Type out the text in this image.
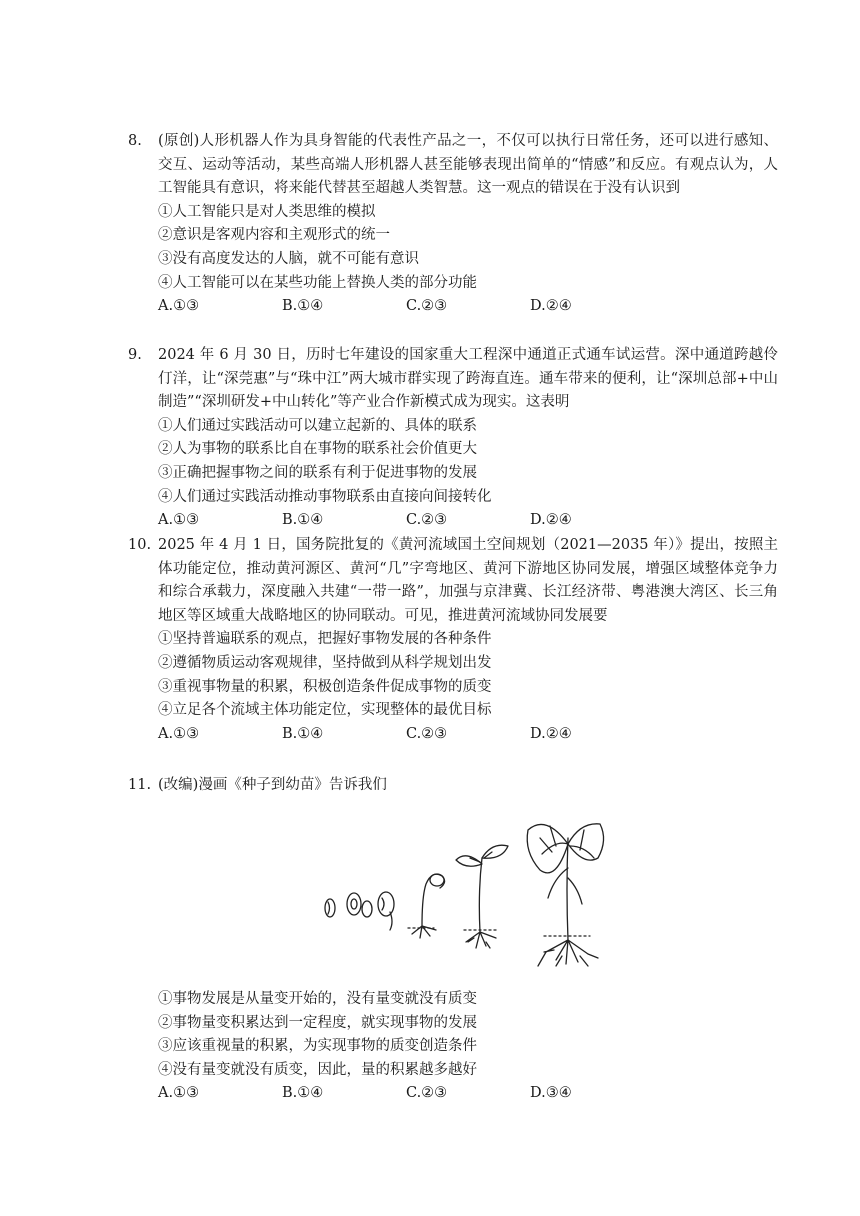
8.	(原创)人形机器人作为具身智能的代表性产品之一，不仅可以执行日常任务，还可以进行感知、交互、运动等活动，某些高端人形机器人甚至能够表现出简单的“情感”和反应。有观点认为，人工智能具有意识，将来能代替甚至超越人类智慧。这一观点的错误在于没有认识到
①人工智能只是对人类思维的模拟
②意识是客观内容和主观形式的统一
③没有高度发达的人脑，就不可能有意识
④人工智能可以在某些功能上替换人类的部分功能
A.①③	B.①④	C.②③	D.②④
9.	2024 年 6 月 30 日，历时七年建设的国家重大工程深中通道正式通车试运营。深中通道跨越伶仃洋，让“深莞惠”与“珠中江”两大城市群实现了跨海直连。通车带来的便利，让“深圳总部+中山制造”“深圳研发+中山转化”等产业合作新模式成为现实。这表明
①人们通过实践活动可以建立起新的、具体的联系
②人为事物的联系比自在事物的联系社会价值更大
③正确把握事物之间的联系有利于促进事物的发展
④人们通过实践活动推动事物联系由直接向间接转化
A.①③	B.①④	C.②③	D.②④
10. 2025 年 4 月 1 日，国务院批复的《黄河流域国土空间规划（2021—2035 年）》提出，按照主体功能定位，推动黄河源区、黄河“几”字弯地区、黄河下游地区协同发展，增强区域整体竞争力和综合承载力，深度融入共建“一带一路”，加强与京津冀、长江经济带、粤港澳大湾区、长三角地区等区域重大战略地区的协同联动。可见，推进黄河流域协同发展要
①坚持普遍联系的观点，把握好事物发展的各种条件
②遵循物质运动客观规律，坚持做到从科学规划出发
③重视事物量的积累，积极创造条件促成事物的质变
④立足各个流域主体功能定位，实现整体的最优目标
A.①③	B.①④	C.②③	D.②④
11. (改编)漫画《种子到幼苗》告诉我们
①事物发展是从量变开始的，没有量变就没有质变
②事物量变积累达到一定程度，就实现事物的发展
③应该重视量的积累，为实现事物的质变创造条件
④没有量变就没有质变，因此，量的积累越多越好
A.①③	B.①④	C.②③	D.③④
